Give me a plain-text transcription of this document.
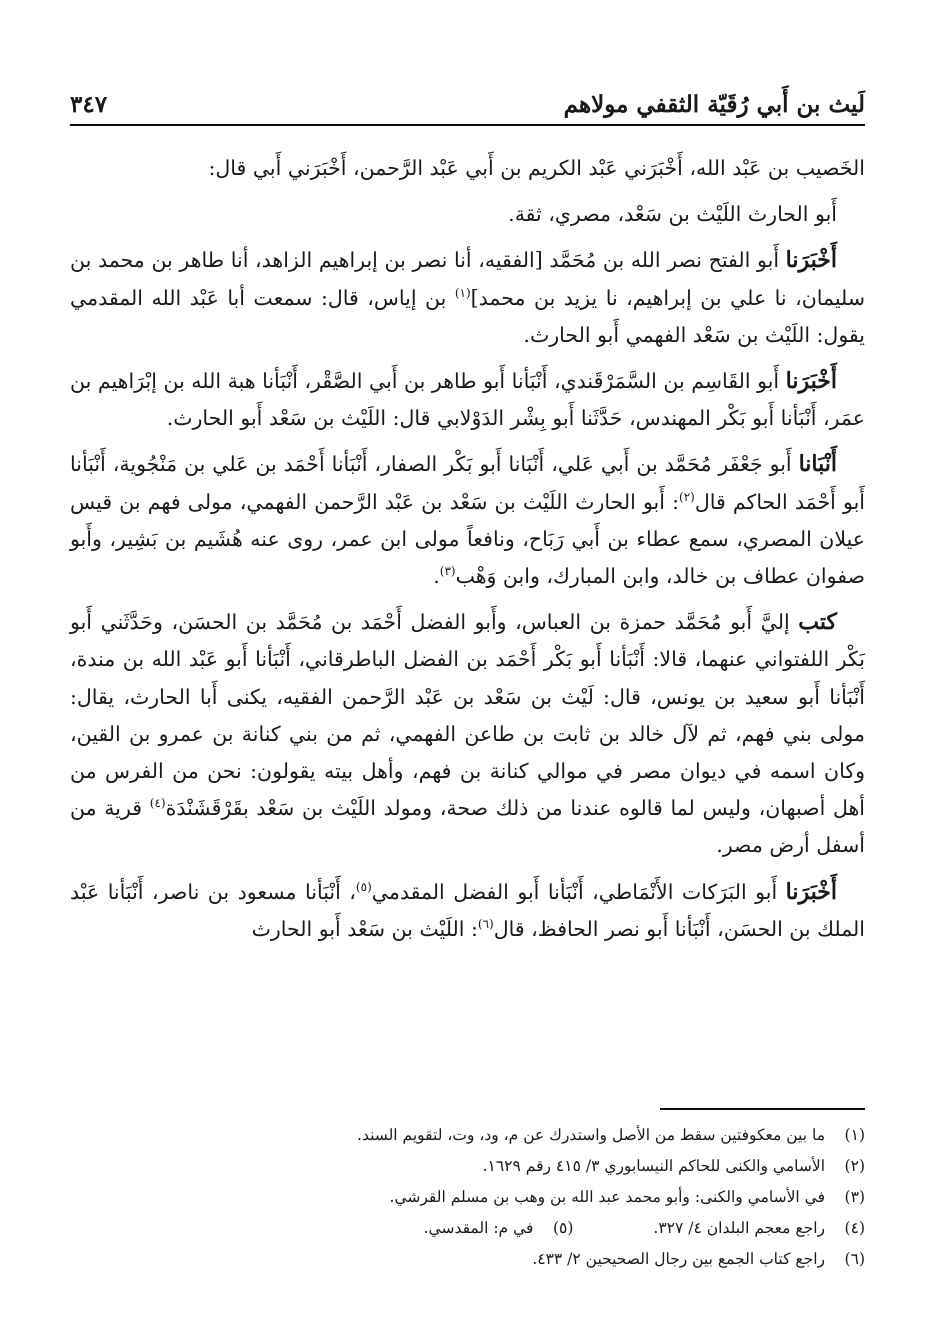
لَيث بن أَبي رُقَيّة الثقفي مولاهم
٣٤٧

الخَصيب بن عَبْد الله، أَخْبَرَني عَبْد الكريم بن أَبي عَبْد الرَّحمن، أَخْبَرَني أَبي قال:

أَبو الحارث اللَيْث بن سَعْد، مصري، ثقة.

أَخْبَرَنا أَبو الفتح نصر الله بن مُحَمَّد [الفقيه، أنا نصر بن إبراهيم الزاهد، أنا طاهر بن محمد بن سليمان، نا علي بن إبراهيم، نا يزيد بن محمد]$^{(١)}$ بن إياس، قال: سمعت أبا عَبْد الله المقدمي يقول: اللَيْث بن سَعْد الفهمي أَبو الحارث.

أَخْبَرَنا أَبو القَاسِم بن السَّمَرْقَندي، أَنْبَأنا أَبو طاهر بن أَبي الصَّقْر، أَنْبَأنا هبة الله بن إبْرَاهيم بن عمَر، أَنْبَأنا أَبو بَكْر المهندس، حَدَّثَنا أَبو بِشْر الدَوْلابي قال: اللَيْث بن سَعْد أَبو الحارث.

أَنْبَانا أَبو جَعْفَر مُحَمَّد بن أَبي عَلي، أَنْبَانا أَبو بَكْر الصفار، أَنْبَأنا أَحْمَد بن عَلي بن مَنْجُوية، أَنْبَأنا أَبو أَحْمَد الحاكم قال$^{(٢)}$: أَبو الحارث اللَيْث بن سَعْد بن عَبْد الرَّحمن الفهمي، مولى فهم بن قيس عيلان المصري، سمع عطاء بن أَبي رَبَاح، ونافعاً مولى ابن عمر، روى عنه هُشَيم بن بَشِير، وأَبو صفوان عطاف بن خالد، وابن المبارك، وابن وَهْب$^{(٣)}$.

كتب إليَّ أَبو مُحَمَّد حمزة بن العباس، وأَبو الفضل أَحْمَد بن مُحَمَّد بن الحسَن، وحَدَّثَني أَبو بَكْر اللفتواني عنهما، قالا: أَنْبَأنا أَبو بَكْر أَحْمَد بن الفضل الباطرقاني، أَنْبَأنا أَبو عَبْد الله بن مندة، أَنْبَأنا أَبو سعيد بن يونس، قال: لَيْث بن سَعْد بن عَبْد الرَّحمن الفقيه، يكنى أَبا الحارث، يقال: مولى بني فهم، ثم لآل خالد بن ثابت بن طاعن الفهمي، ثم من بني كنانة بن عمرو بن القين، وكان اسمه في ديوان مصر في موالي كنانة بن فهم، وأهل بيته يقولون: نحن من الفرس من أهل أصبهان، وليس لما قالوه عندنا من ذلك صحة، ومولد اللَيْث بن سَعْد بقَرْقَشَنْدَة$^{(٤)}$ قرية من أسفل أرض مصر.

أَخْبَرَنا أَبو البَرَكات الأَنْمَاطي، أَنْبَأنا أَبو الفضل المقدمي$^{(٥)}$، أَنْبَأنا مسعود بن ناصر، أَنْبَأنا عَبْد الملك بن الحسَن، أَنْبَأنا أَبو نصر الحافظ، قال$^{(٦)}$: اللَيْث بن سَعْد أَبو الحارث

(١)
ما بين معكوفتين سقط من الأصل واستدرك عن م، ود، وت، لتقويم السند.
(٢)
الأسامي والكنى للحاكم النيسابوري ٣/ ٤١٥ رقم ١٦٢٩.
(٣)
في الأسامي والكنى: وأبو محمد عبد الله بن وهب بن مسلم القرشي.
(٤)
راجع معجم البلدان ٤/ ٣٢٧.
(٥)
في م: المقدسي.
(٦)
راجع كتاب الجمع بين رجال الصحيحين ٢/ ٤٣٣.
